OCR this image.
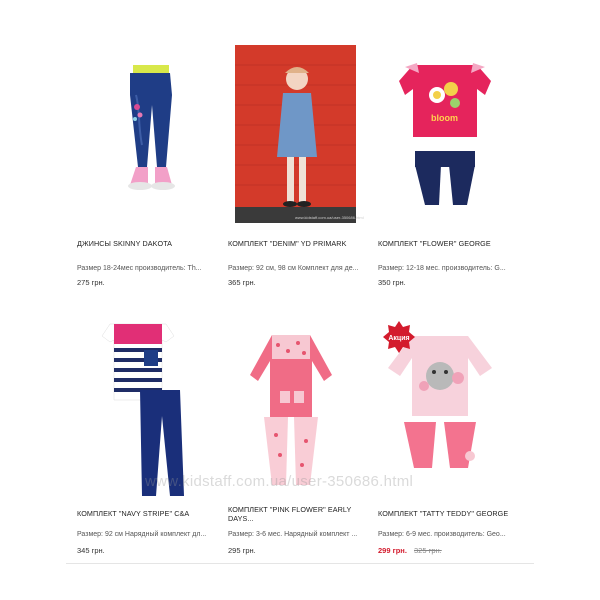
ДЖИНСЫ SKINNY DAKOTA
Размер 18-24мес производитель: Th...
275 грн.
www.kidstaff.com.ua/user-350686.html
КОМПЛЕКТ "DENIM" YD PRIMARK
Размер: 92 см, 98 см Комплект для де...
365 грн.
bloom
КОМПЛЕКТ "FLOWER" GEORGE
Размер: 12-18 мес. производитель: G...
350 грн.
КОМПЛЕКТ "NAVY STRIPE" C&A
Размер: 92 см Нарядный комплект дл...
345 грн.
КОМПЛЕКТ "PINK FLOWER" EARLY DAYS...
Размер: 3-6 мес. Нарядный комплект ...
295 грн.
Акция
КОМПЛЕКТ "TATTY TEDDY" GEORGE
Размер: 6-9 мес. производитель: Geo...
299 грн. 325 грн.
www.kidstaff.com.ua/user-350686.html
